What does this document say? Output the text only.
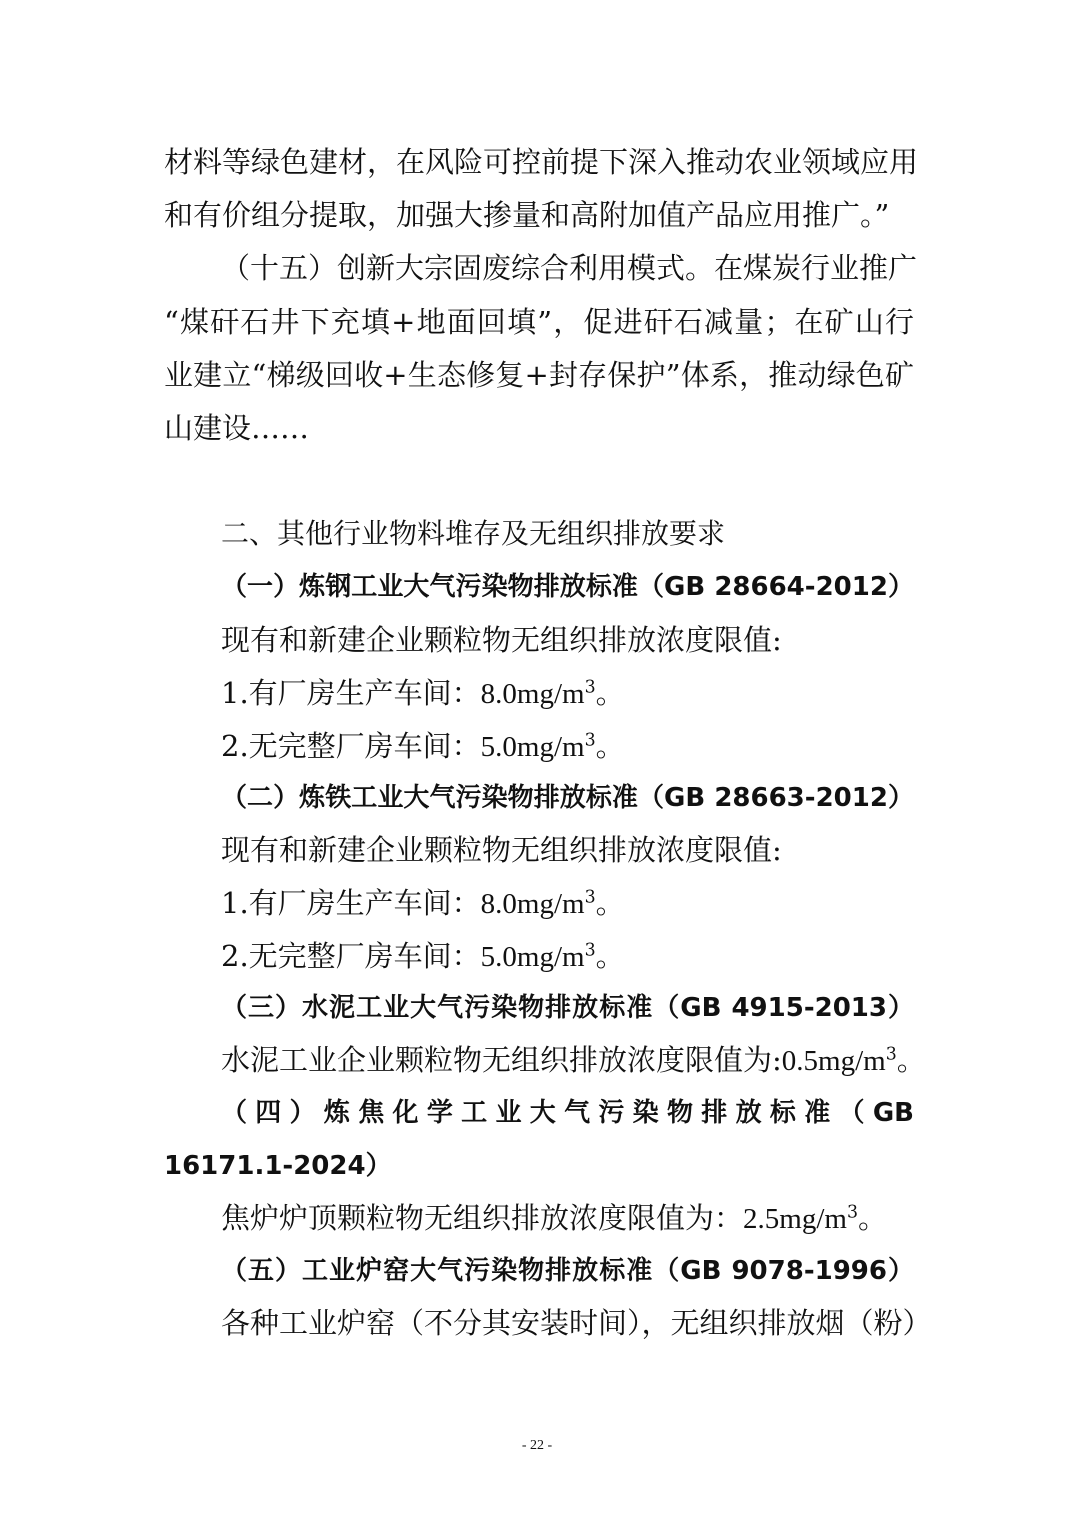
材料等绿色建材，在风险可控前提下深入推动农业领域应用
和有价组分提取，加强大掺量和高附加值产品应用推广。”
（十五）创新大宗固废综合利用模式。在煤炭行业推广
“煤矸石井下充填+地面回填”，促进矸石减量；在矿山行
业建立“梯级回收+生态修复+封存保护”体系，推动绿色矿
山建设……
二、其他行业物料堆存及无组织排放要求
（一）炼钢工业大气污染物排放标准（GB 28664-2012）
现有和新建企业颗粒物无组织排放浓度限值:
1.有厂房生产车间：$8.0mg/m^3$。
2.无完整厂房车间：$5.0mg/m^3$。
（二）炼铁工业大气污染物排放标准（GB 28663-2012）
现有和新建企业颗粒物无组织排放浓度限值:
1.有厂房生产车间：$8.0mg/m^3$。
2.无完整厂房车间：$5.0mg/m^3$。
（三）水泥工业大气污染物排放标准（GB 4915-2013）
水泥工业企业颗粒物无组织排放浓度限值为$:0.5mg/m^3$。
（四）炼焦化学工业大气污染物排放标准（GB
16171.1-2024）
焦炉炉顶颗粒物无组织排放浓度限值为：$2.5mg/m^3$。
（五）工业炉窑大气污染物排放标准（GB 9078-1996）
各种工业炉窑（不分其安装时间），无组织排放烟（粉）
- 22 -
